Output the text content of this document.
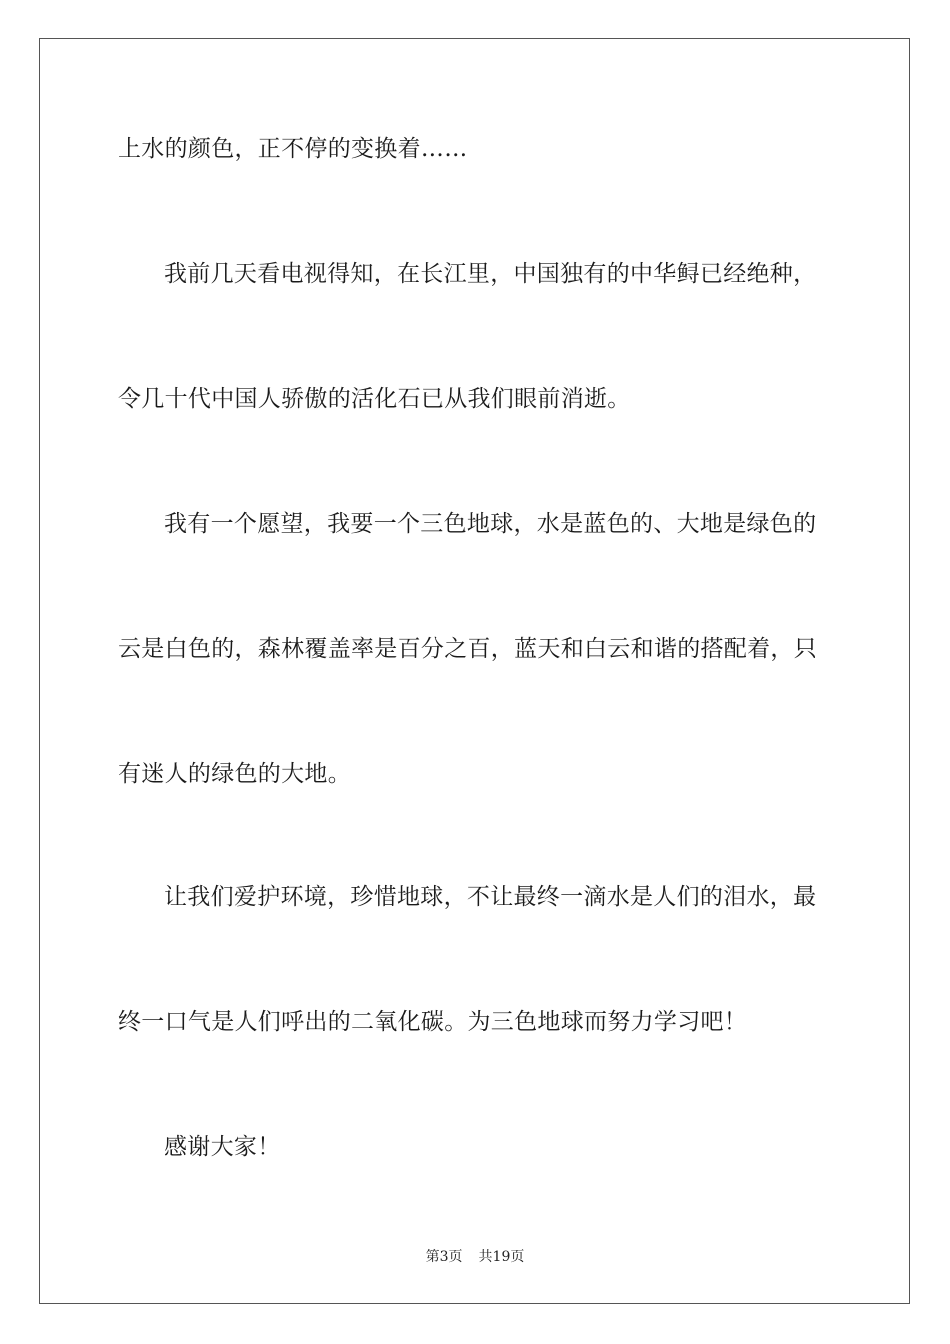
上水的颜色，正不停的变换着……
我前几天看电视得知，在长江里，中国独有的中华鲟已经绝种，
令几十代中国人骄傲的活化石已从我们眼前消逝。
我有一个愿望，我要一个三色地球，水是蓝色的、大地是绿色的
云是白色的，森林覆盖率是百分之百，蓝天和白云和谐的搭配着，只
有迷人的绿色的大地。
让我们爱护环境，珍惜地球，不让最终一滴水是人们的泪水，最
终一口气是人们呼出的二氧化碳。为三色地球而努力学习吧！
感谢大家！
第3页 共19页
